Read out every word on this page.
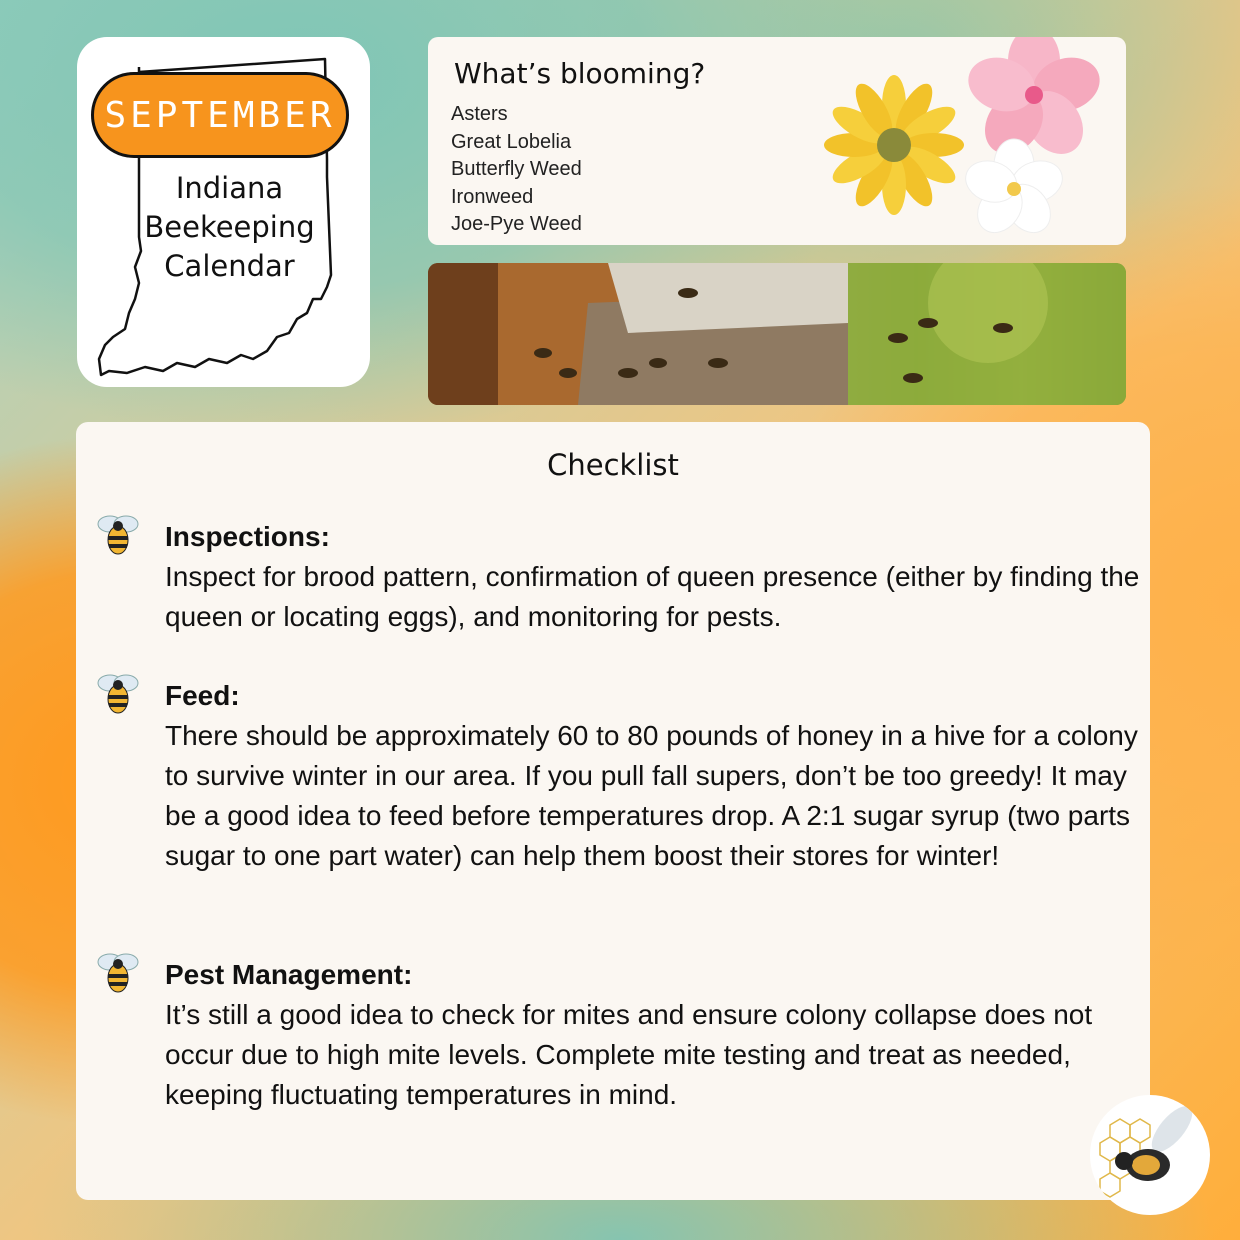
SEPTEMBER
Indiana
Beekeeping
Calendar
What’s blooming?
Asters
Great Lobelia
Butterfly Weed
Ironweed
Joe-Pye Weed
Checklist
Inspections:
Inspect for brood pattern, confirmation of queen presence (either by finding the queen or locating eggs), and monitoring for pests.
Feed:
There should be approximately 60 to 80 pounds of honey in a hive for a colony to survive winter in our area. If you pull fall supers, don’t be too greedy! It may be a good idea to feed before temperatures drop. A 2:1 sugar syrup (two parts sugar to one part water) can help them boost their stores for winter!
Pest Management:
It’s still a good idea to check for mites and ensure colony collapse does not occur due to high mite levels. Complete mite testing and treat as needed, keeping fluctuating temperatures in mind.
